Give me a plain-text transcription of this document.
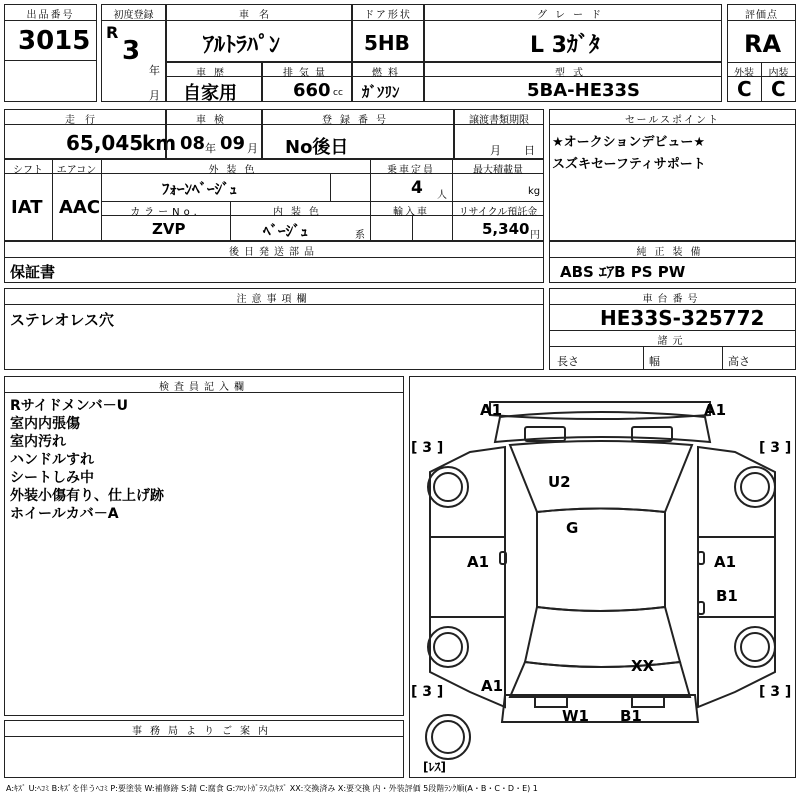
出品番号
3015
初度登録
R
3
年
月
車名
ｱﾙﾄﾗﾊﾟﾝ
ドア形状
5HB
グレード
L 3ｶﾞﾀ
評価点
RA
外装	内装
C C
車歴
自家用
排気量
660 cc
燃料
ｶﾞｿﾘﾝ
型式
5BA-HE33S
走行
65,045
km
車検
08 年 09 月
登録番号
No後日
譲渡書類期限
月 日
セールスポイント
★オークションデビュー★
スズキセーフティサポート
シフト
IAT
エアコン
AAC
外装色
ﾌｫｰﾝﾍﾞｰｼﾞｭ
乗車定員
4 人
最大積載量
kg
カラーNo.
ZVP
内装色
ﾍﾞｰｼﾞｭ	系
輸入車	リサイクル預託金
5,340 円
後日発送部品
保証書
純正装備
ABS ｴｱB PS PW
注意事項欄
ステレオレス穴
車台番号
HE33S-325772
諸元
長さ	幅	高さ
検査員記入欄
Rサイドメンバ－U
室内内張傷
室内汚れ
ハンドルすれ
シートしみ中
外装小傷有り、仕上げ跡
ホイールカバ－A
事務局よりご案内
A1	A1
U2
G
A1	A1
B1
XX
A1
W1 B1
[ 3 ]	[ 3 ]
[ 3 ]	[ 3 ]
[ﾚｽ]
A:ｷｽﾞ U:ﾍｺﾐ B:ｷｽﾞを伴うﾍｺﾐ P:要塗装 W:補修跡 S:錆 C:腐食 G:ﾌﾛﾝﾄｶﾞﾗｽ点ｷｽﾞ XX:交換済み X:要交換 内・外装評価 5段階ﾗﾝｸ順(A・B・C・D・E) 1
